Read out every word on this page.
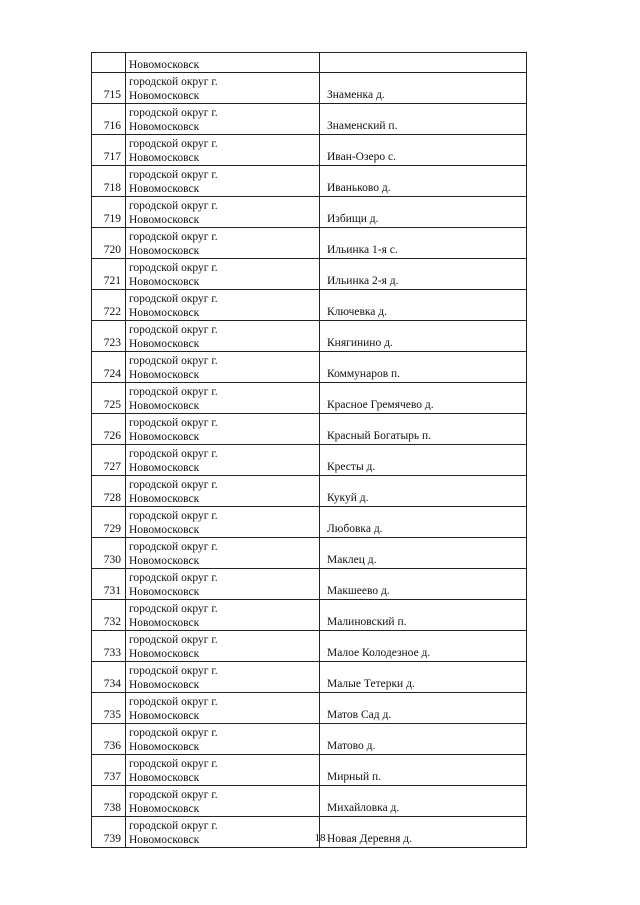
	Новомосковск	

715	городской округ г.
Новомосковск	Знаменка д.
716	городской округ г.
Новомосковск	Знаменский п.
717	городской округ г.
Новомосковск	Иван-Озеро с.
718	городской округ г.
Новомосковск	Иваньково д.
719	городской округ г.
Новомосковск	Избищи д.
720	городской округ г.
Новомосковск	Ильинка 1-я с.
721	городской округ г.
Новомосковск	Ильинка 2-я д.
722	городской округ г.
Новомосковск	Ключевка д.
723	городской округ г.
Новомосковск	Княгинино д.
724	городской округ г.
Новомосковск	Коммунаров п.
725	городской округ г.
Новомосковск	Красное Гремячево д.
726	городской округ г.
Новомосковск	Красный Богатырь п.
727	городской округ г.
Новомосковск	Кресты д.
728	городской округ г.
Новомосковск	Кукуй д.
729	городской округ г.
Новомосковск	Любовка д.
730	городской округ г.
Новомосковск	Маклец д.
731	городской округ г.
Новомосковск	Макшеево д.
732	городской округ г.
Новомосковск	Малиновский п.
733	городской округ г.
Новомосковск	Малое Колодезное д.
734	городской округ г.
Новомосковск	Малые Тетерки д.
735	городской округ г.
Новомосковск	Матов Сад д.
736	городской округ г.
Новомосковск	Матово д.
737	городской округ г.
Новомосковск	Мирный п.
738	городской округ г.
Новомосковск	Михайловка д.
739	городской округ г.
Новомосковск	Новая Деревня д.
18
